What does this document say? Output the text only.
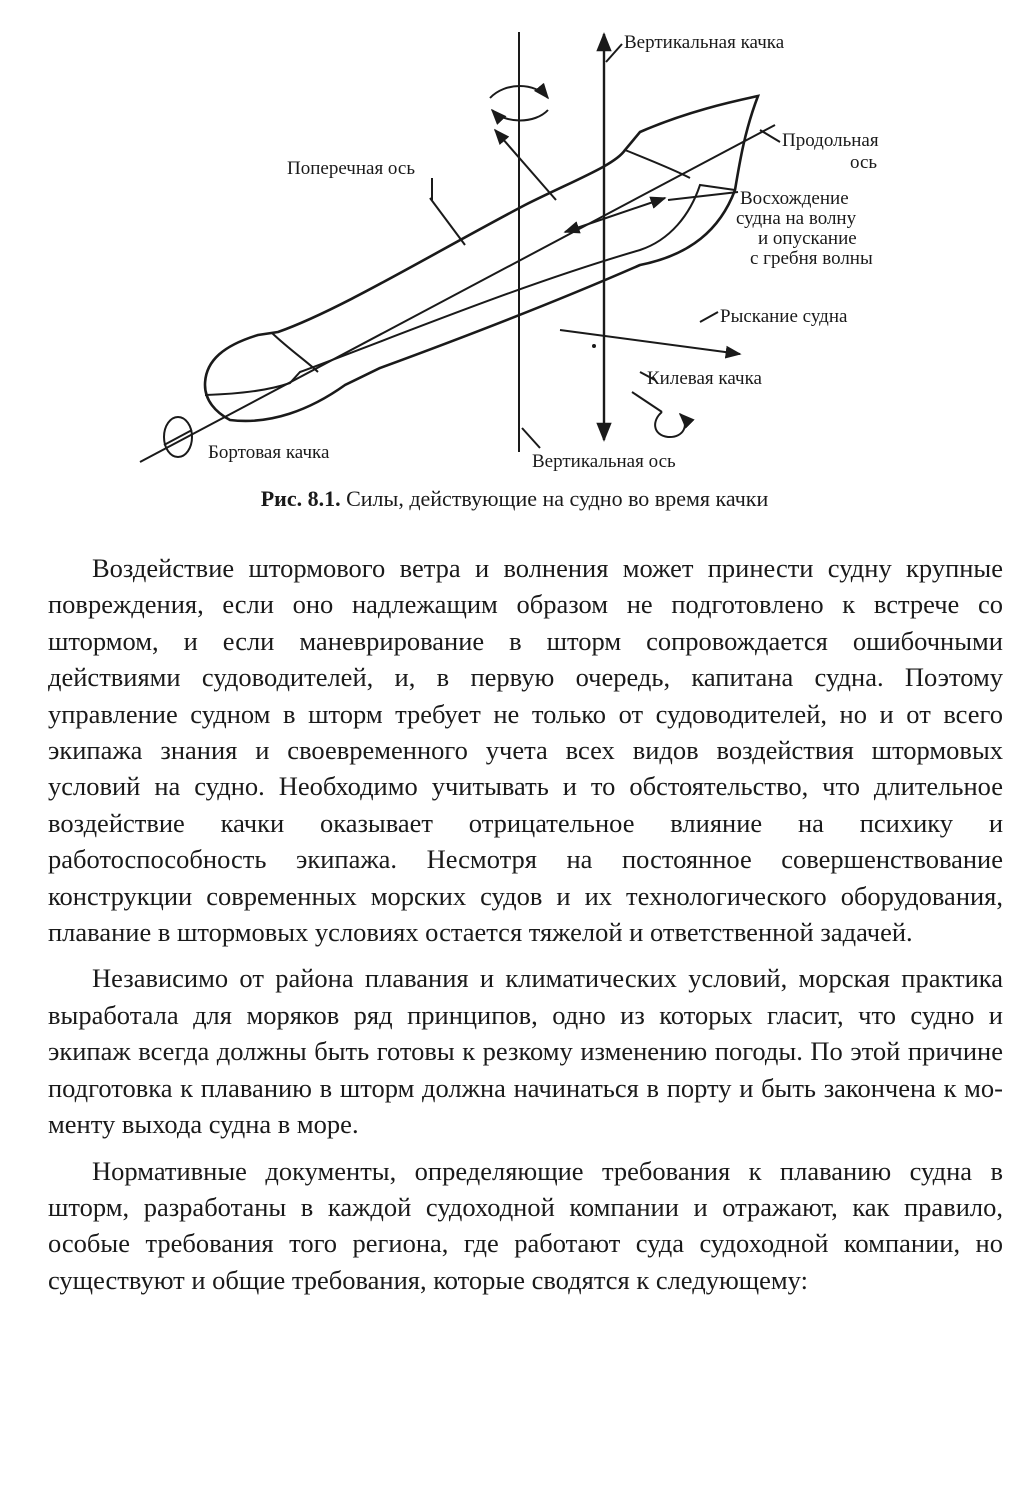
Вертикальная качка
Продольная
ось
Поперечная ось
Восхождение
судна на волну
и опускание
с гребня волны
Рыскание судна
Килевая качка
Бортовая качка	Вертикальная ось
Рис. 8.1. Силы, действующие на судно во время качки

Воздействие штормового ветра и волнения может принести судну крупные повреждения, если оно надлежащим образом не подготовлено к встрече со штормом, и если маневрирование в шторм сопровождается ошибочными действиями судоводителей, и, в первую очередь, капитана судна. Поэтому управление судном в шторм требует не только от судоводителей, но и от всего экипажа знания и своевременного учета всех видов воздействия штормовых условий на судно. Необходимо учитывать и то обстоятельство, что длительное воздействие качки оказывает отрицательное влияние на психику и работоспособность экипажа. Несмотря на постоянное совершенствование конструкции современных морских судов и их технологического оборудования, плавание в штормовых условиях остается тяжелой и ответственной задачей.

Независимо от района плавания и климатических условий, морская практика выработала для моряков ряд принципов, одно из которых гласит, что судно и экипаж всегда должны быть готовы к резкому изменению погоды. По этой причине подготовка к плаванию в шторм должна начинаться в порту и быть закончена к моменту выхода судна в море.

Нормативные документы, определяющие требования к плаванию судна в шторм, разработаны в каждой судоходной компании и отражают, как правило, особые требования того региона, где работают суда судоходной компании, но существуют и общие требования, которые сводятся к следующему:
